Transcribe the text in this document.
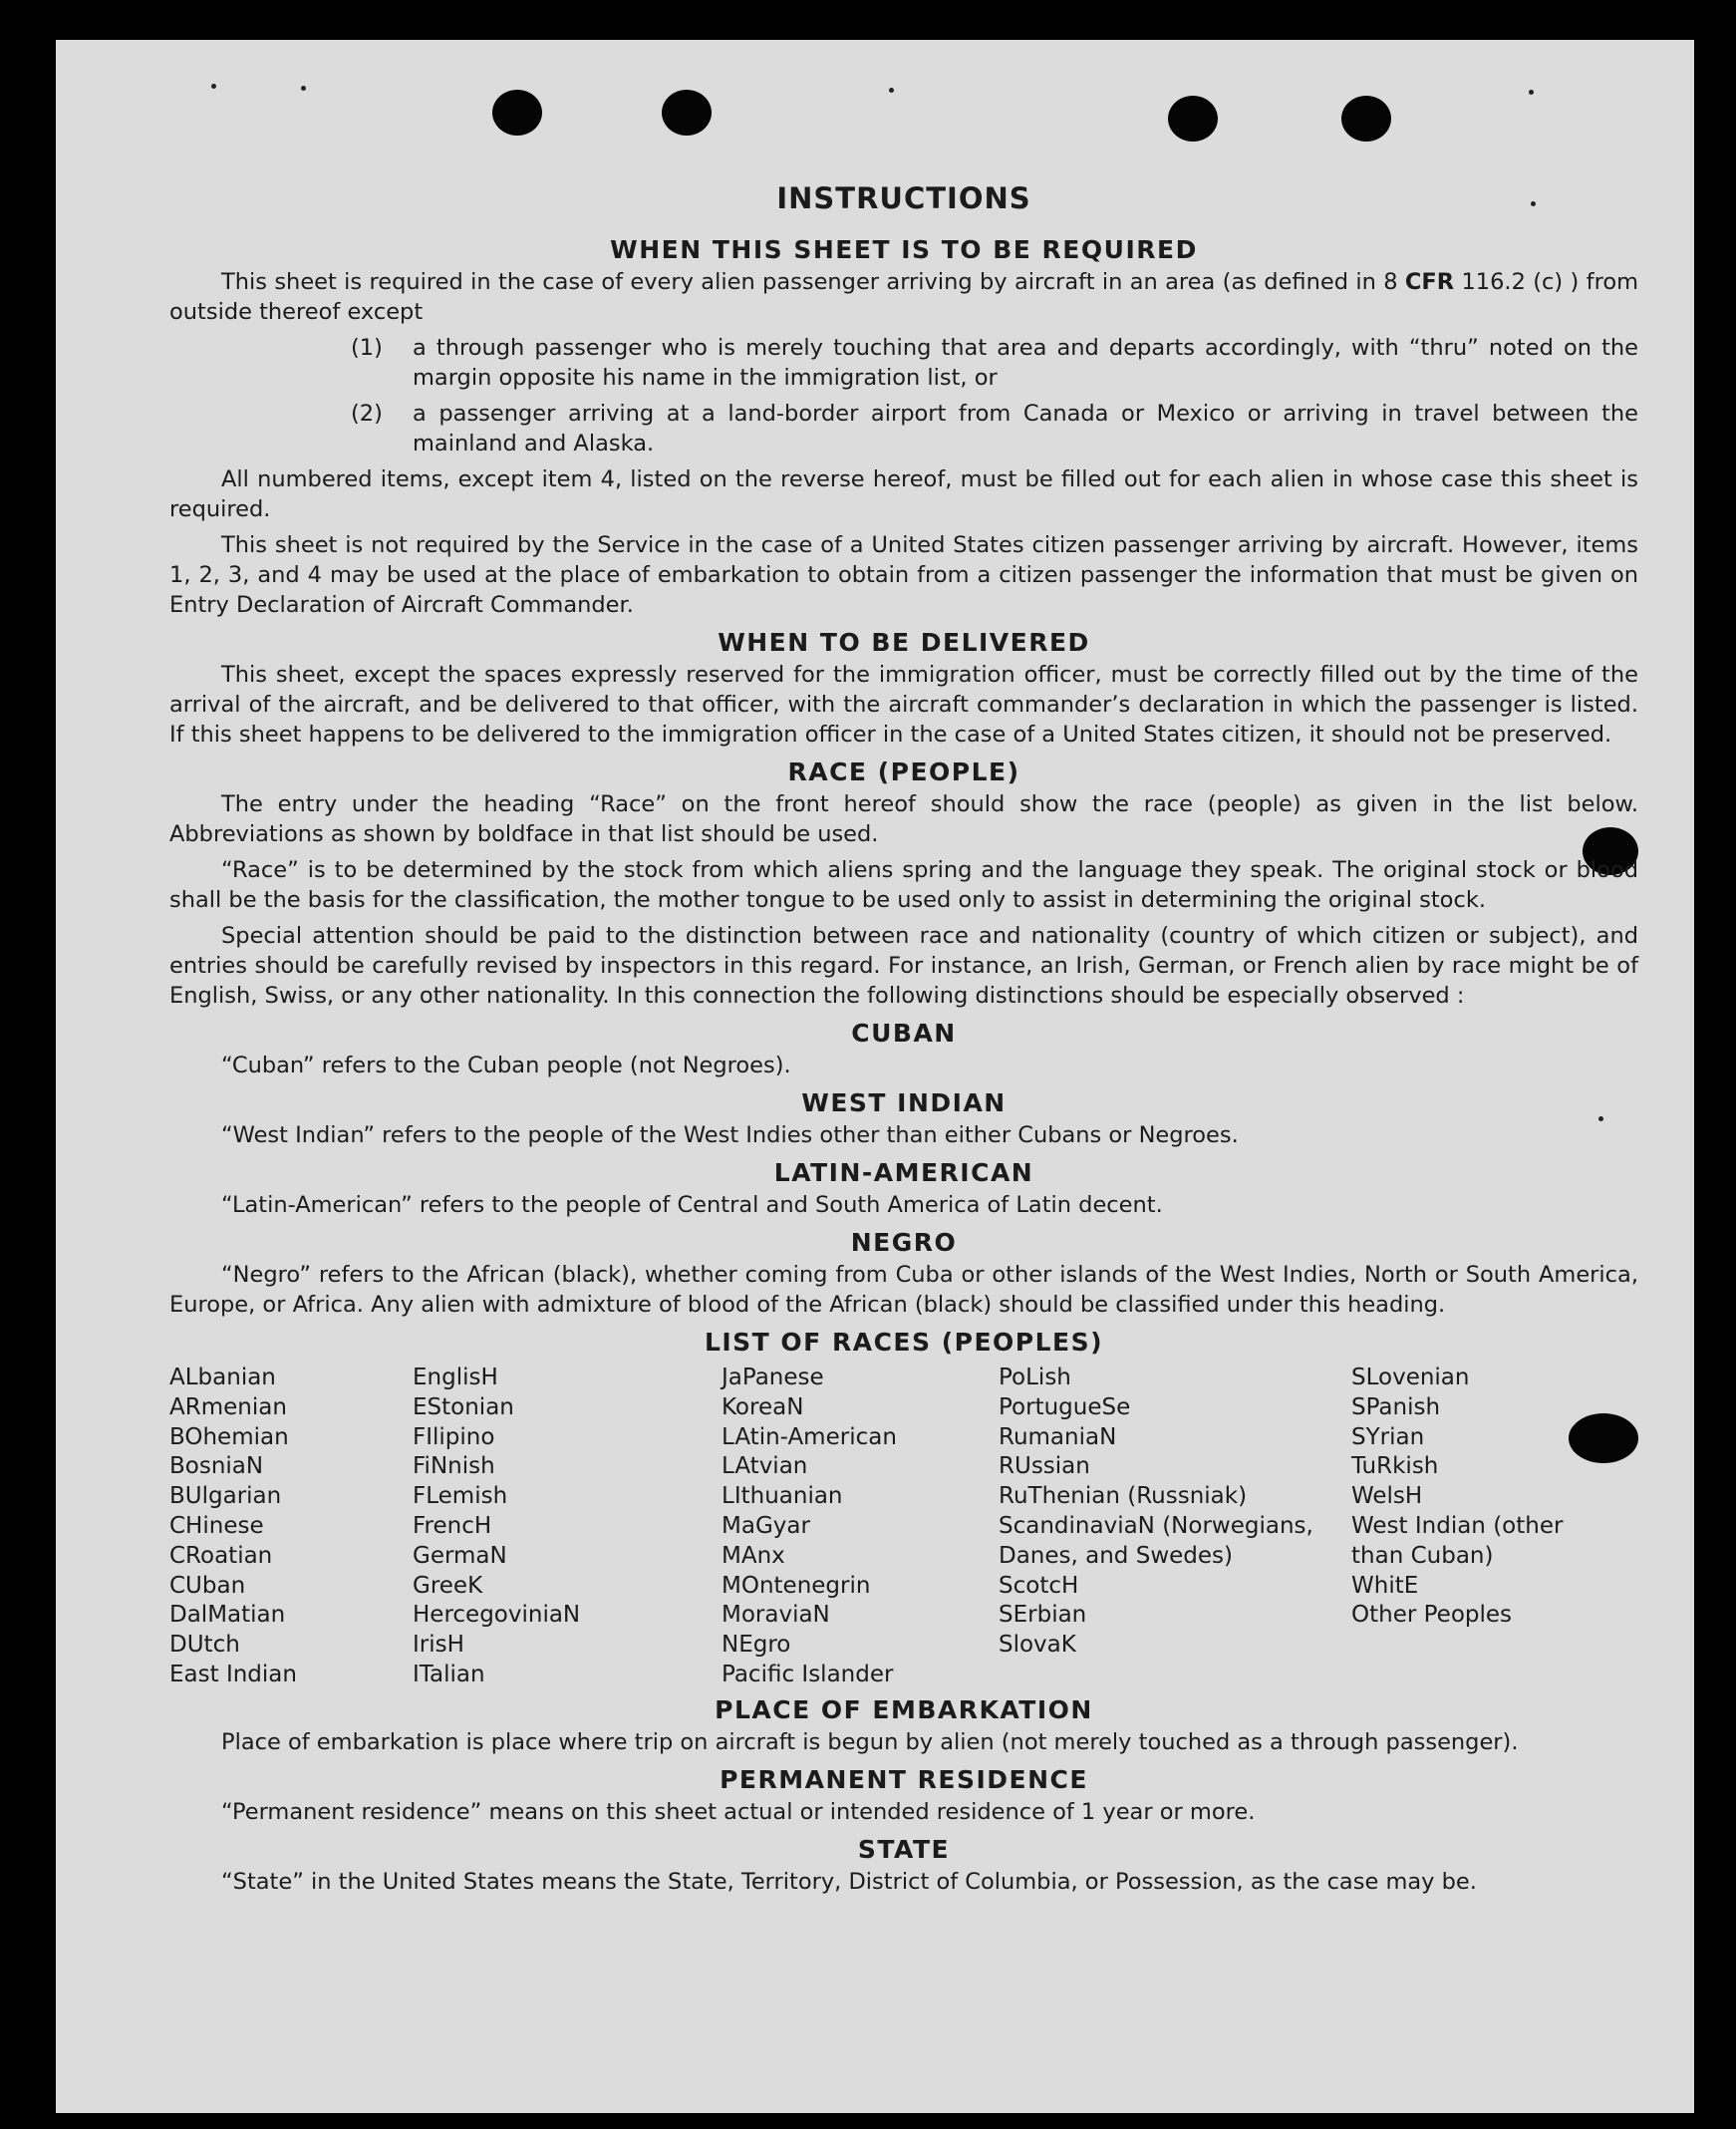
INSTRUCTIONS
WHEN THIS SHEET IS TO BE REQUIRED

This sheet is required in the case of every alien passenger arriving by aircraft in an area (as defined in 8 CFR 116.2 (c) ) from outside thereof except

(1)	a through passenger who is merely touching that area and departs accordingly, with “thru” noted on the margin opposite his name in the immigration list, or
(2)	a passenger arriving at a land-border airport from Canada or Mexico or arriving in travel between the mainland and Alaska.

All numbered items, except item 4, listed on the reverse hereof, must be filled out for each alien in whose case this sheet is required.

This sheet is not required by the Service in the case of a United States citizen passenger arriving by aircraft. However, items 1, 2, 3, and 4 may be used at the place of embarkation to obtain from a citizen passenger the information that must be given on Entry Declaration of Aircraft Commander.

WHEN TO BE DELIVERED

This sheet, except the spaces expressly reserved for the immigration officer, must be correctly filled out by the time of the arrival of the aircraft, and be delivered to that officer, with the aircraft commander’s declaration in which the passenger is listed. If this sheet happens to be delivered to the immigration officer in the case of a United States citizen, it should not be preserved.

RACE (PEOPLE)

The entry under the heading “Race” on the front hereof should show the race (people) as given in the list below. Abbreviations as shown by boldface in that list should be used.

“Race” is to be determined by the stock from which aliens spring and the language they speak. The original stock or blood shall be the basis for the classification, the mother tongue to be used only to assist in determining the original stock.

Special attention should be paid to the distinction between race and nationality (country of which citizen or subject), and entries should be carefully revised by inspectors in this regard. For instance, an Irish, German, or French alien by race might be of English, Swiss, or any other nationality. In this connection the following distinctions should be especially observed :

CUBAN

“Cuban” refers to the Cuban people (not Negroes).

WEST INDIAN

“West Indian” refers to the people of the West Indies other than either Cubans or Negroes.

LATIN-AMERICAN

“Latin-American” refers to the people of Central and South America of Latin decent.

NEGRO

“Negro” refers to the African (black), whether coming from Cuba or other islands of the West Indies, North or South America, Europe, or Africa. Any alien with admixture of blood of the African (black) should be classified under this heading.

LIST OF RACES (PEOPLES)
ALbanian
ARmenian
BOhemian
BosniaN
BUlgarian
CHinese
CRoatian
CUban
DalMatian
DUtch
East Indian
EnglisH
EStonian
FIlipino
FiNnish
FLemish
FrencH
GermaN
GreeK
HercegoviniaN
IrisH
ITalian
JaPanese
KoreaN
LAtin-American
LAtvian
LIthuanian
MaGyar
MAnx
MOntenegrin
MoraviaN
NEgro
Pacific Islander
PoLish
PortugueSe
RumaniaN
RUssian
RuThenian (Russniak)
ScandinaviaN (Norwegians, Danes, and Swedes)
ScotcH
SErbian
SlovaK
SLovenian
SPanish
SYrian
TuRkish
WelsH
West Indian (other than Cuban)
WhitE
Other Peoples
PLACE OF EMBARKATION

Place of embarkation is place where trip on aircraft is begun by alien (not merely touched as a through passenger).

PERMANENT RESIDENCE

“Permanent residence” means on this sheet actual or intended residence of 1 year or more.

STATE

“State” in the United States means the State, Territory, District of Columbia, or Possession, as the case may be.
